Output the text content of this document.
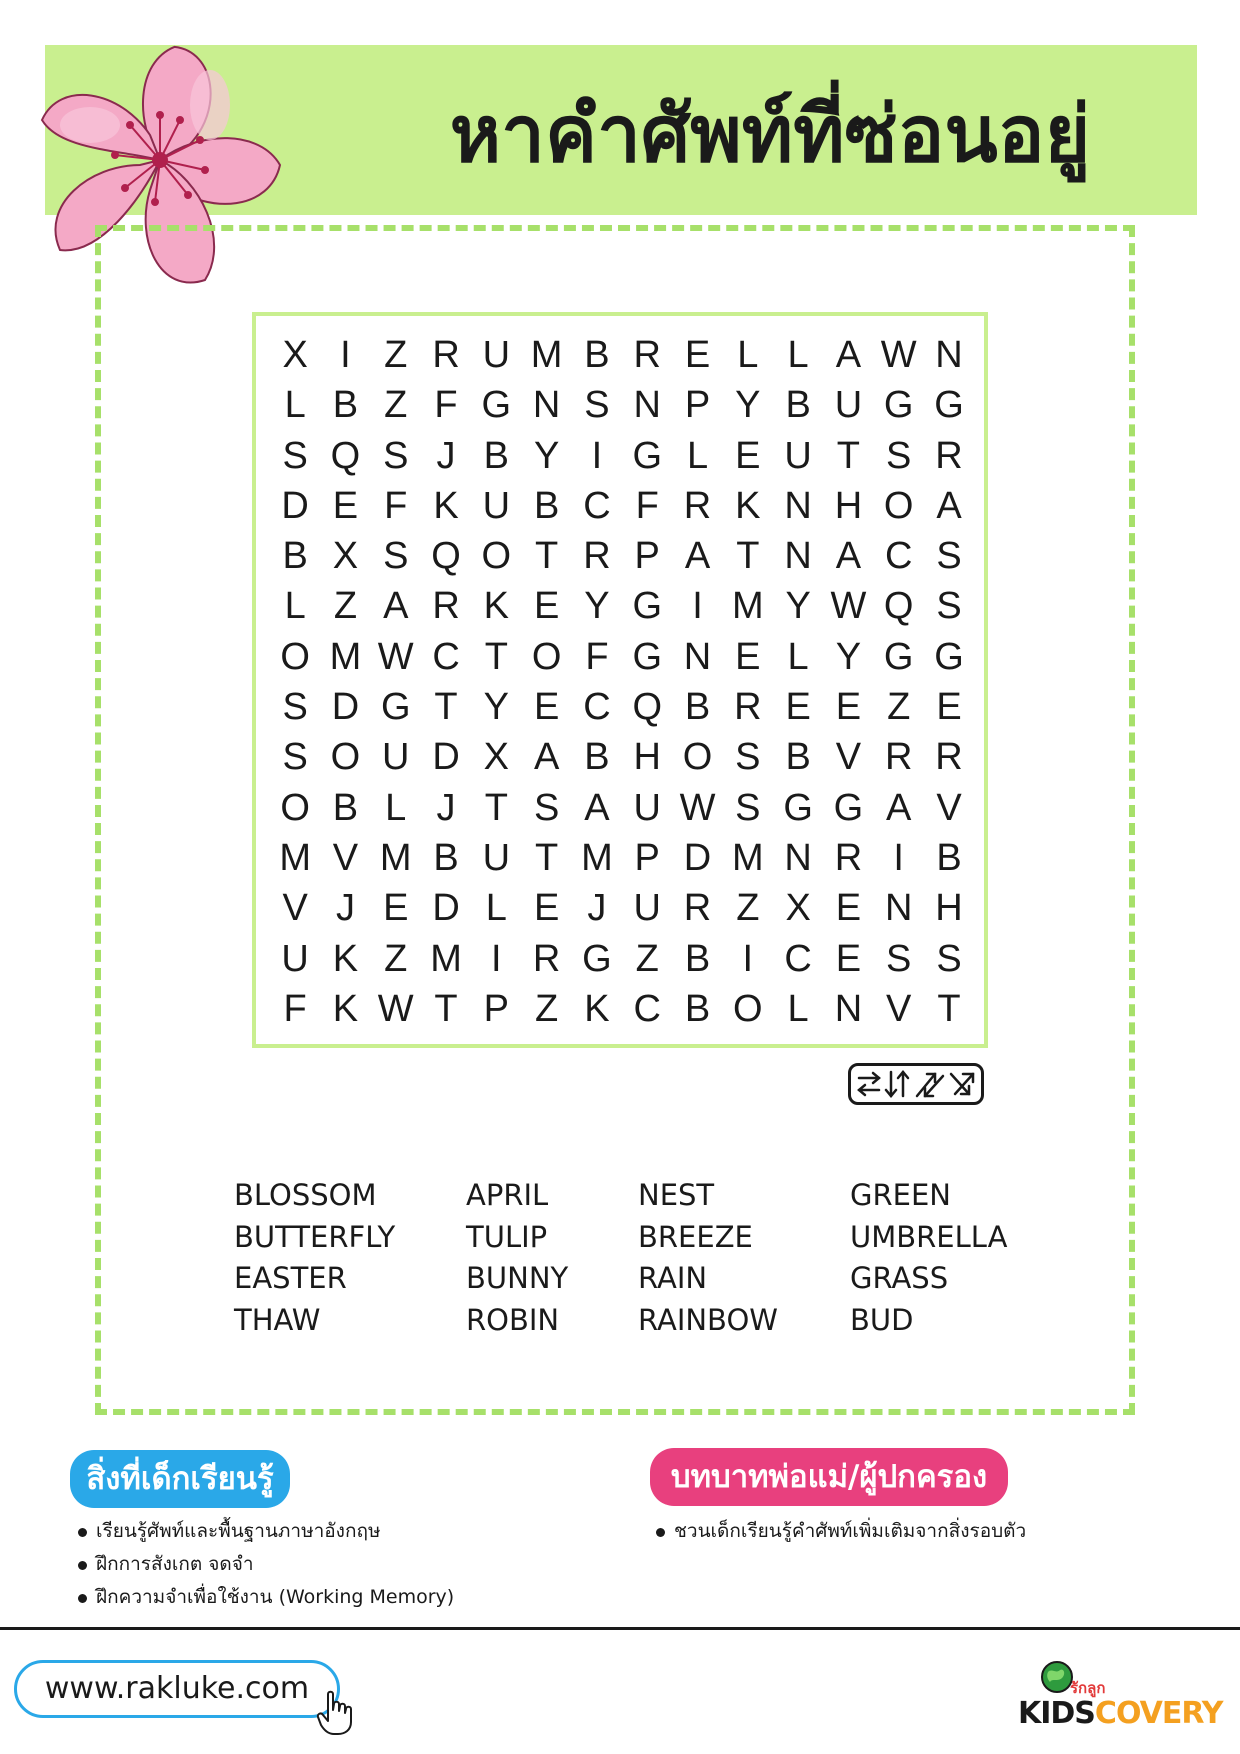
หาคำศัพท์ที่ซ่อนอยู่
X I Z R U M B R E L L A W N
L B Z F G N S N P Y B U G G
S Q S J B Y I G L E U T S R
D E F K U B C F R K N H O A
B X S Q O T R P A T N A C S
L Z A R K E Y G I M Y W Q S
O M W C T O F G N E L Y G G
S D G T Y E C Q B R E E Z E
S O U D X A B H O S B V R R
O B L J T S A U W S G G A V
M V M B U T M P D M N R I B
V J E D L E J U R Z X E N H
U K Z M I R G Z B I C E S S
F K W T P Z K C B O L N V T
BLOSSOM
BUTTERFLY
EASTER
THAW
APRIL
TULIP
BUNNY
ROBIN
NEST
BREEZE
RAIN
RAINBOW
GREEN
UMBRELLA
GRASS
BUD
สิ่งที่เด็กเรียนรู้
เรียนรู้ศัพท์และพื้นฐานภาษาอังกฤษ
ฝึกการสังเกต จดจำ
ฝึกความจำเพื่อใช้งาน (Working Memory)
บทบาทพ่อแม่/ผู้ปกครอง
ชวนเด็กเรียนรู้คำศัพท์เพิ่มเติมจากสิ่งรอบตัว
www.rakluke.com	รักลูก
KIDSCOVERY
